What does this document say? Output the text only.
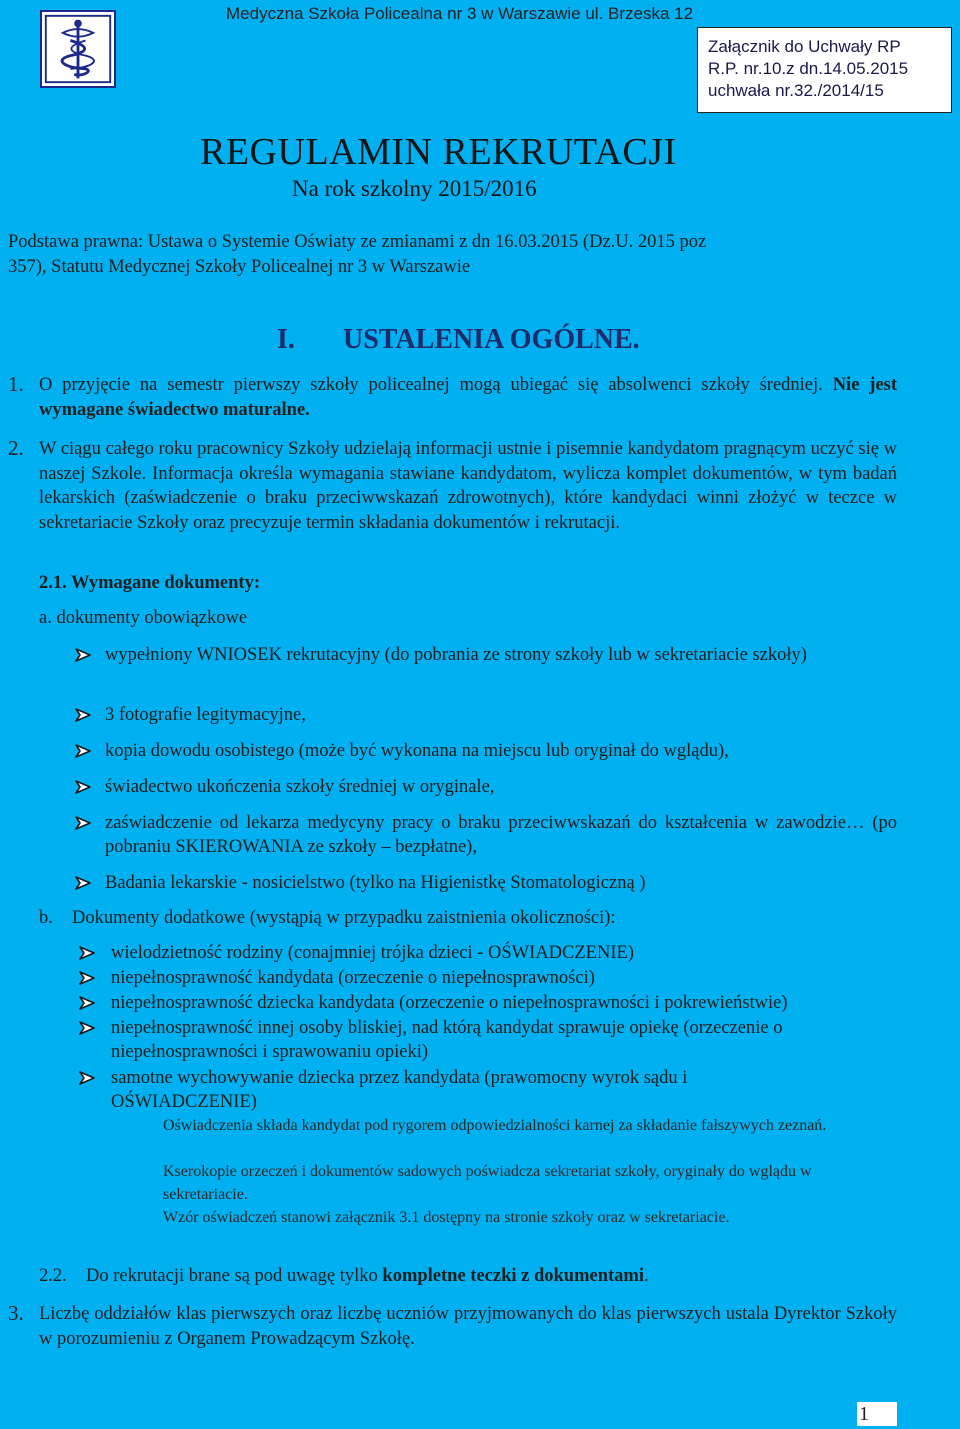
Medyczna Szkoła Policealna nr 3 w Warszawie ul. Brzeska 12
Załącznik do Uchwały RP
R.P. nr.10.z dn.14.05.2015
uchwała nr.32./2014/15
REGULAMIN REKRUTACJI
Na rok szkolny 2015/2016
Podstawa prawna: Ustawa o Systemie Oświaty ze zmianami z dn 16.03.2015 (Dz.U. 2015 poz
357), Statutu Medycznej Szkoły Policealnej nr 3 w Warszawie
I. USTALENIA OGÓLNE.
1. O przyjęcie na semestr pierwszy szkoły policealnej mogą ubiegać się absolwenci szkoły średniej. Nie jest wymagane świadectwo maturalne.
2. W ciągu całego roku pracownicy Szkoły udzielają informacji ustnie i pisemnie kandydatom pragnącym uczyć się w naszej Szkole. Informacja określa wymagania stawiane kandydatom, wylicza komplet dokumentów, w tym badań lekarskich (zaświadczenie o braku przeciwwskazań zdrowotnych), które kandydaci winni złożyć w teczce w sekretariacie Szkoły oraz precyzuje termin składania dokumentów i rekrutacji.
2.1. Wymagane dokumenty:
a. dokumenty obowiązkowe
wypełniony WNIOSEK rekrutacyjny (do pobrania ze strony szkoły lub w sekretariacie szkoły)
3 fotografie legitymacyjne,
kopia dowodu osobistego (może być wykonana na miejscu lub oryginał do wglądu),
świadectwo ukończenia szkoły średniej w oryginale,
zaświadczenie od lekarza medycyny pracy o braku przeciwwskazań do kształcenia w zawodzie… (po pobraniu SKIEROWANIA ze szkoły – bezpłatne),
Badania lekarskie - nosicielstwo (tylko na Higienistkę Stomatologiczną )
b. Dokumenty dodatkowe (wystąpią w przypadku zaistnienia okoliczności):
wielodzietność rodziny (conajmniej trójka dzieci - OŚWIADCZENIE)
niepełnosprawność kandydata (orzeczenie o niepełnosprawności)
niepełnosprawność dziecka kandydata (orzeczenie o niepełnosprawności i pokrewieństwie)
niepełnosprawność innej osoby bliskiej, nad którą kandydat sprawuje opiekę (orzeczenie o niepełnosprawności i sprawowaniu opieki)
samotne wychowywanie dziecka przez kandydata (prawomocny wyrok sądu i OŚWIADCZENIE)
Oświadczenia składa kandydat pod rygorem odpowiedzialności karnej za składanie fałszywych zeznań.
Kserokopie orzeczeń i dokumentów sadowych poświadcza sekretariat szkoły, oryginały do wglądu w sekretariacie.
Wzór oświadczeń stanowi załącznik 3.1 dostępny na stronie szkoły oraz w sekretariacie.
2.2. Do rekrutacji brane są pod uwagę tylko kompletne teczki z dokumentami.
3. Liczbę oddziałów klas pierwszych oraz liczbę uczniów przyjmowanych do klas pierwszych ustala Dyrektor Szkoły w porozumieniu z Organem Prowadzącym Szkołę.
1
